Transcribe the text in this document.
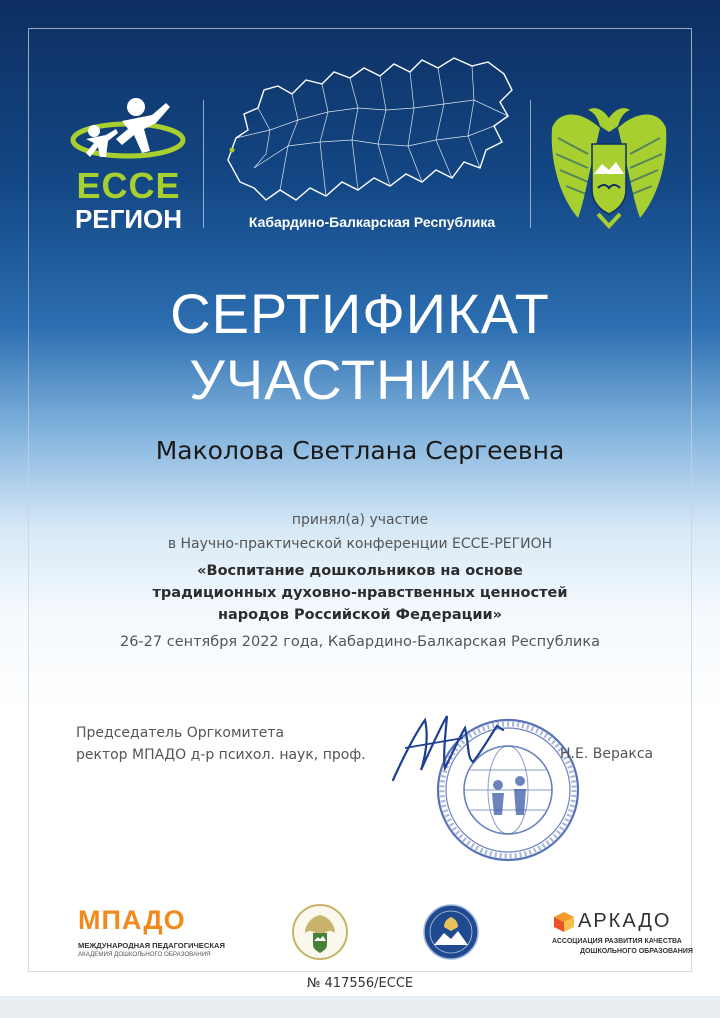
ЕССЕ
РЕГИОН	Кабардино-Балкарская Республика
СЕРТИФИКАТ
УЧАСТНИКА
Маколова Светлана Сергеевна
принял(а) участие
в Научно-практической конференции ЕССЕ-РЕГИОН
«Воспитание дошкольников на основе
традиционных духовно-нравственных ценностей
народов Российской Федерации»
26-27 сентября 2022 года, Кабардино-Балкарская Республика
Председатель Оргкомитета
ректор МПАДО д-р психол. наук, проф.	Н.Е. Веракса
МПАДО
МЕЖДУНАРОДНАЯ ПЕДАГОГИЧЕСКАЯ
АКАДЕМИЯ ДОШКОЛЬНОГО ОБРАЗОВАНИЯ
АРКАДО
АССОЦИАЦИЯ РАЗВИТИЯ КАЧЕСТВА
ДОШКОЛЬНОГО ОБРАЗОВАНИЯ
№ 417556/ЕССЕ
